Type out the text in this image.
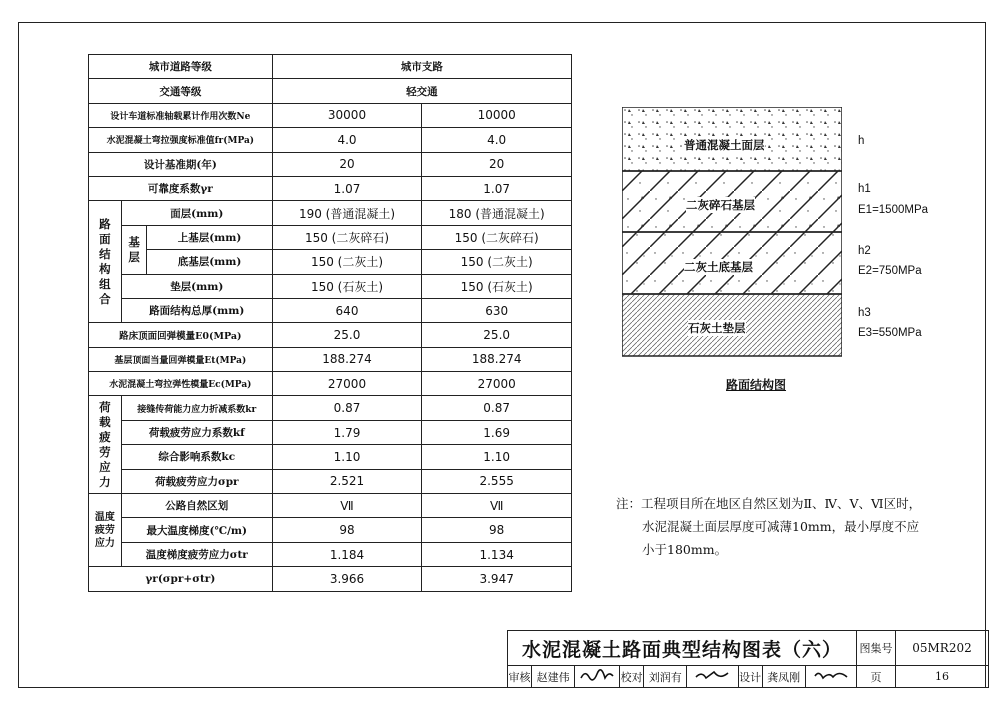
城市道路等级			城市支路	
交通等级			轻交通	
设计车道标准轴载累计作用次数Ne			30000	10000
水泥混凝土弯拉强度标准值fr(MPa)			4.0	4.0
设计基准期(年)			20	20
可靠度系数γr			1.07	1.07
路面结构组合	面层(mm)		190 (普通混凝土)	180 (普通混凝土)
	基层	上基层(mm)	150 (二灰碎石)	150 (二灰碎石)
		底基层(mm)	150 (二灰土)	150 (二灰土)
	垫层(mm)		150 (石灰土)	150 (石灰土)
	路面结构总厚(mm)		640	630
路床顶面回弹模量E0(MPa)			25.0	25.0
基层顶面当量回弹模量Et(MPa)			188.274	188.274
水泥混凝土弯拉弹性模量Ec(MPa)			27000	27000
荷载疲劳应力	接缝传荷能力应力折减系数kr		0.87	0.87
	荷载疲劳应力系数kf		1.79	1.69
	综合影响系数kc		1.10	1.10
	荷载疲劳应力σpr		2.521	2.555
温度疲劳应力	公路自然区划		Ⅶ	Ⅶ
	最大温度梯度(℃/m)		98	98
	温度梯度疲劳应力σtr		1.184	1.134
γr(σpr+σtr)			3.966	3.947
普通混凝土面层
二灰碎石基层
二灰土底基层
石灰土垫层
h
h1
E1=1500MPa
h2
E2=750MPa
h3
E3=550MPa
路面结构图
注：工程项目所在地区自然区划为Ⅱ、Ⅳ、Ⅴ、Ⅵ区时，
水泥混凝土面层厚度可减薄10mm，最小厚度不应
小于180mm。
水泥混凝土路面典型结构图表（六）									图集号	05MR202
审核	赵建伟		校对	刘润有		设计	龚凤刚		页	16
